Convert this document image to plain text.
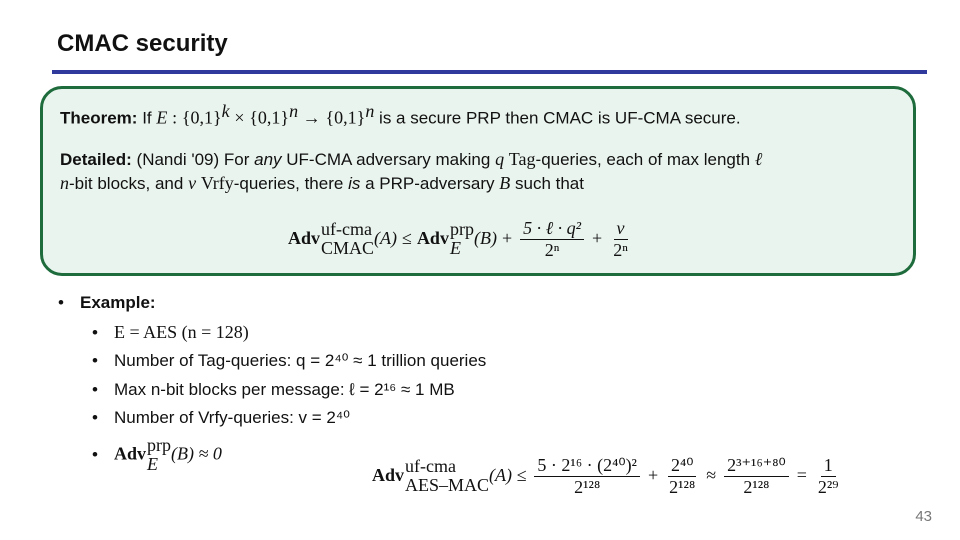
CMAC security
Theorem: If E : $\{0,1\}^k \times \{0,1\}^n \to \{0,1\}^n$ is a secure PRP then CMAC is UF-CMA secure.
Detailed: (Nandi '09) For any UF-CMA adversary making q Tag-queries, each of max length ℓ
n-bit blocks, and v Vrfy-queries, there is a PRP-adversary B such that
Adv uf-cma
CMAC
(A) ≤ Adv prp
E
$(B) + \frac{\text{5 · ℓ · q²}}{\text{2ⁿ}} + \frac{v}{\text{2ⁿ}}$
• Example:
• E = AES (n = 128)
• Number of Tag-queries: q = 2⁴⁰ ≈ 1 trillion queries
• Max n-bit blocks per message: ℓ = 2¹⁶ ≈ 1 MB
• Number of Vrfy-queries: v = 2⁴⁰
• Adv prp
E
(B) ≈ 0
Adv uf-cma
AES–MAC
$(A) \le \frac{\text{5 · 2¹⁶ · (2⁴⁰)²}}{\text{2¹²⁸}} + \frac{\text{2⁴⁰}}{\text{2¹²⁸}} \approx \frac{\text{2³⁺¹⁶⁺⁸⁰}}{\text{2¹²⁸}} = \frac{1}{\text{2²⁹}}$
43
